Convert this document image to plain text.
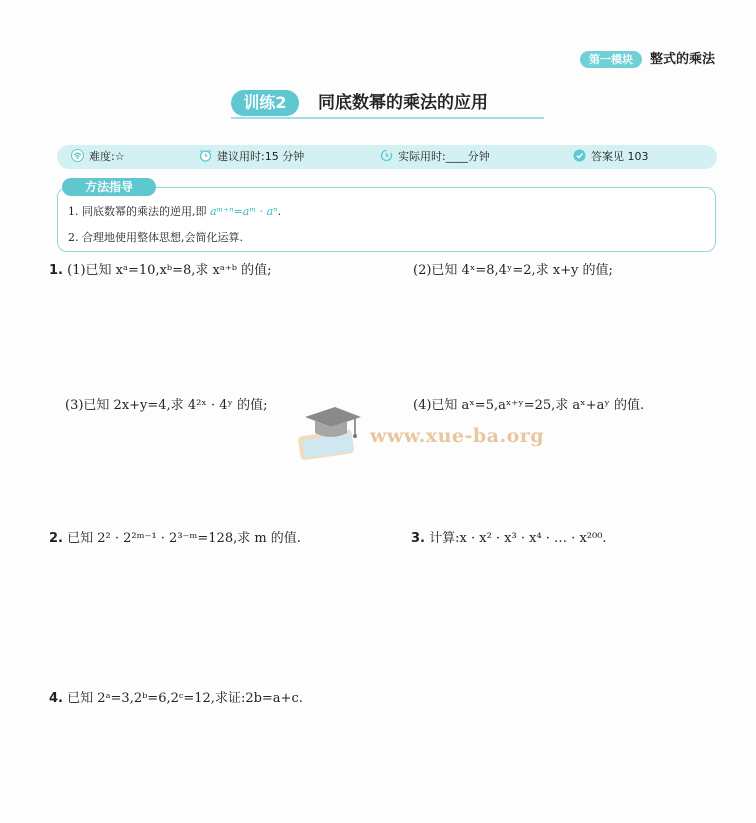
第一模块	整式的乘法
训练2	同底数幂的乘法的应用
难度:☆	建议用时:15 分钟	实际用时:____分钟	答案见 103
方法指导
1. 同底数幂的乘法的逆用,即 aᵐ⁺ⁿ=aᵐ · aⁿ.
2. 合理地使用整体思想,会简化运算.
1. (1)已知 xᵃ=10,xᵇ=8,求 xᵃ⁺ᵇ 的值;	(2)已知 4ˣ=8,4ʸ=2,求 x+y 的值;
(3)已知 2x+y=4,求 4²ˣ · 4ʸ 的值;	(4)已知 aˣ=5,aˣ⁺ʸ=25,求 aˣ+aʸ 的值.
www.xue-ba.org
2. 已知 2² · 2²ᵐ⁻¹ · 2³⁻ᵐ=128,求 m 的值.	3. 计算:x · x² · x³ · x⁴ · … · x²⁰⁰.
4. 已知 2ᵃ=3,2ᵇ=6,2ᶜ=12,求证:2b=a+c.
